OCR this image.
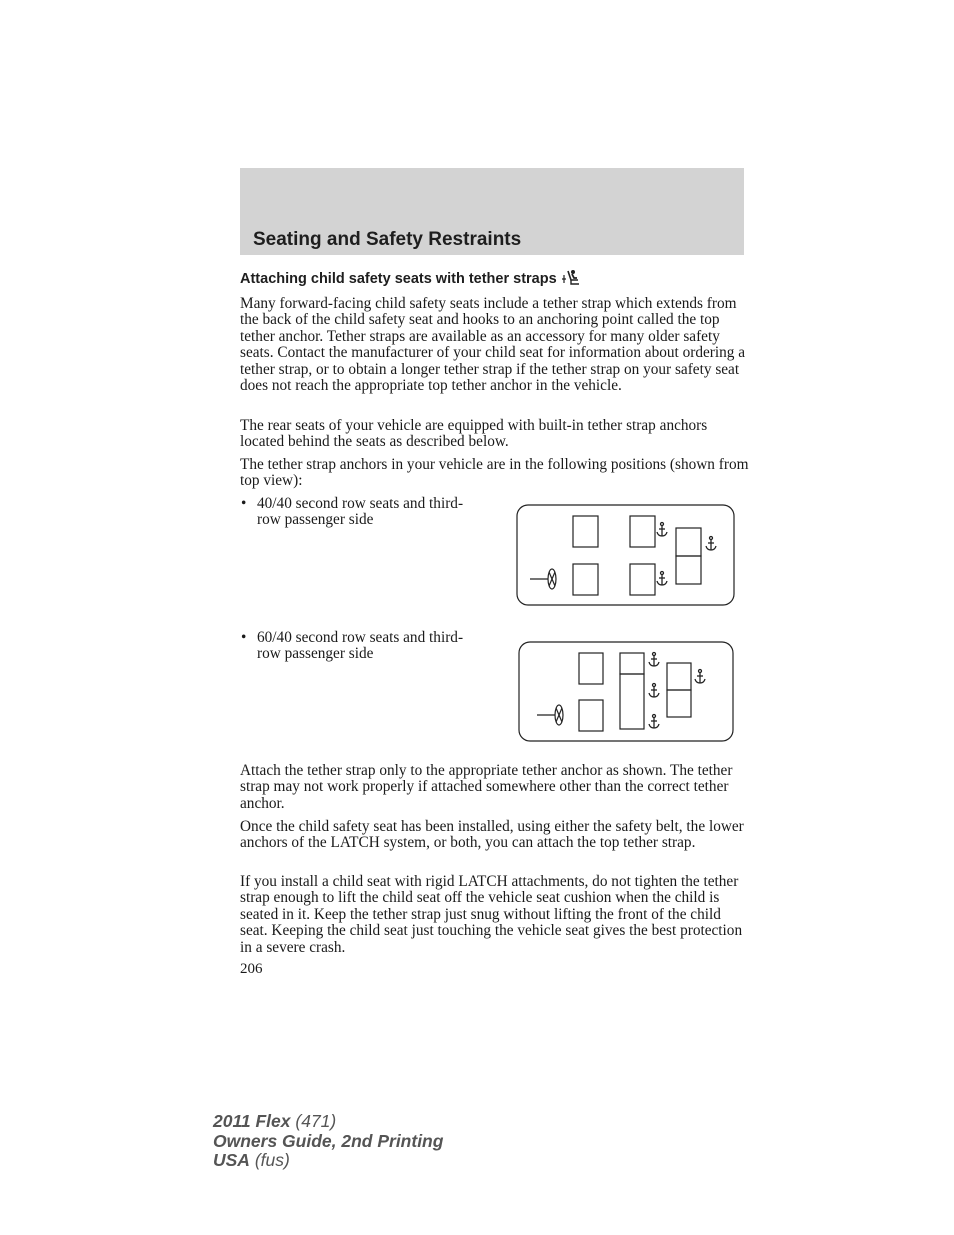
Seating and Safety Restraints
Attaching child safety seats with tether straps

Many forward-facing child safety seats include a tether strap which extends from the back of the child safety seat and hooks to an anchoring point called the top tether anchor. Tether straps are available as an accessory for many older safety seats. Contact the manufacturer of your child seat for information about ordering a tether strap, or to obtain a longer tether strap if the tether strap on your safety seat does not reach the appropriate top tether anchor in the vehicle.

The rear seats of your vehicle are equipped with built-in tether strap anchors located behind the seats as described below.

The tether strap anchors in your vehicle are in the following positions (shown from top view):

• 40/40 second row seats and third-row passenger side
• 60/40 second row seats and third-row passenger side

Attach the tether strap only to the appropriate tether anchor as shown. The tether strap may not work properly if attached somewhere other than the correct tether anchor.

Once the child safety seat has been installed, using either the safety belt, the lower anchors of the LATCH system, or both, you can attach the top tether strap.

If you install a child seat with rigid LATCH attachments, do not tighten the tether strap enough to lift the child seat off the vehicle seat cushion when the child is seated in it. Keep the tether strap just snug without lifting the front of the child seat. Keeping the child seat just touching the vehicle seat gives the best protection in a severe crash.

206

2011 Flex (471)
Owners Guide, 2nd Printing
USA (fus)
